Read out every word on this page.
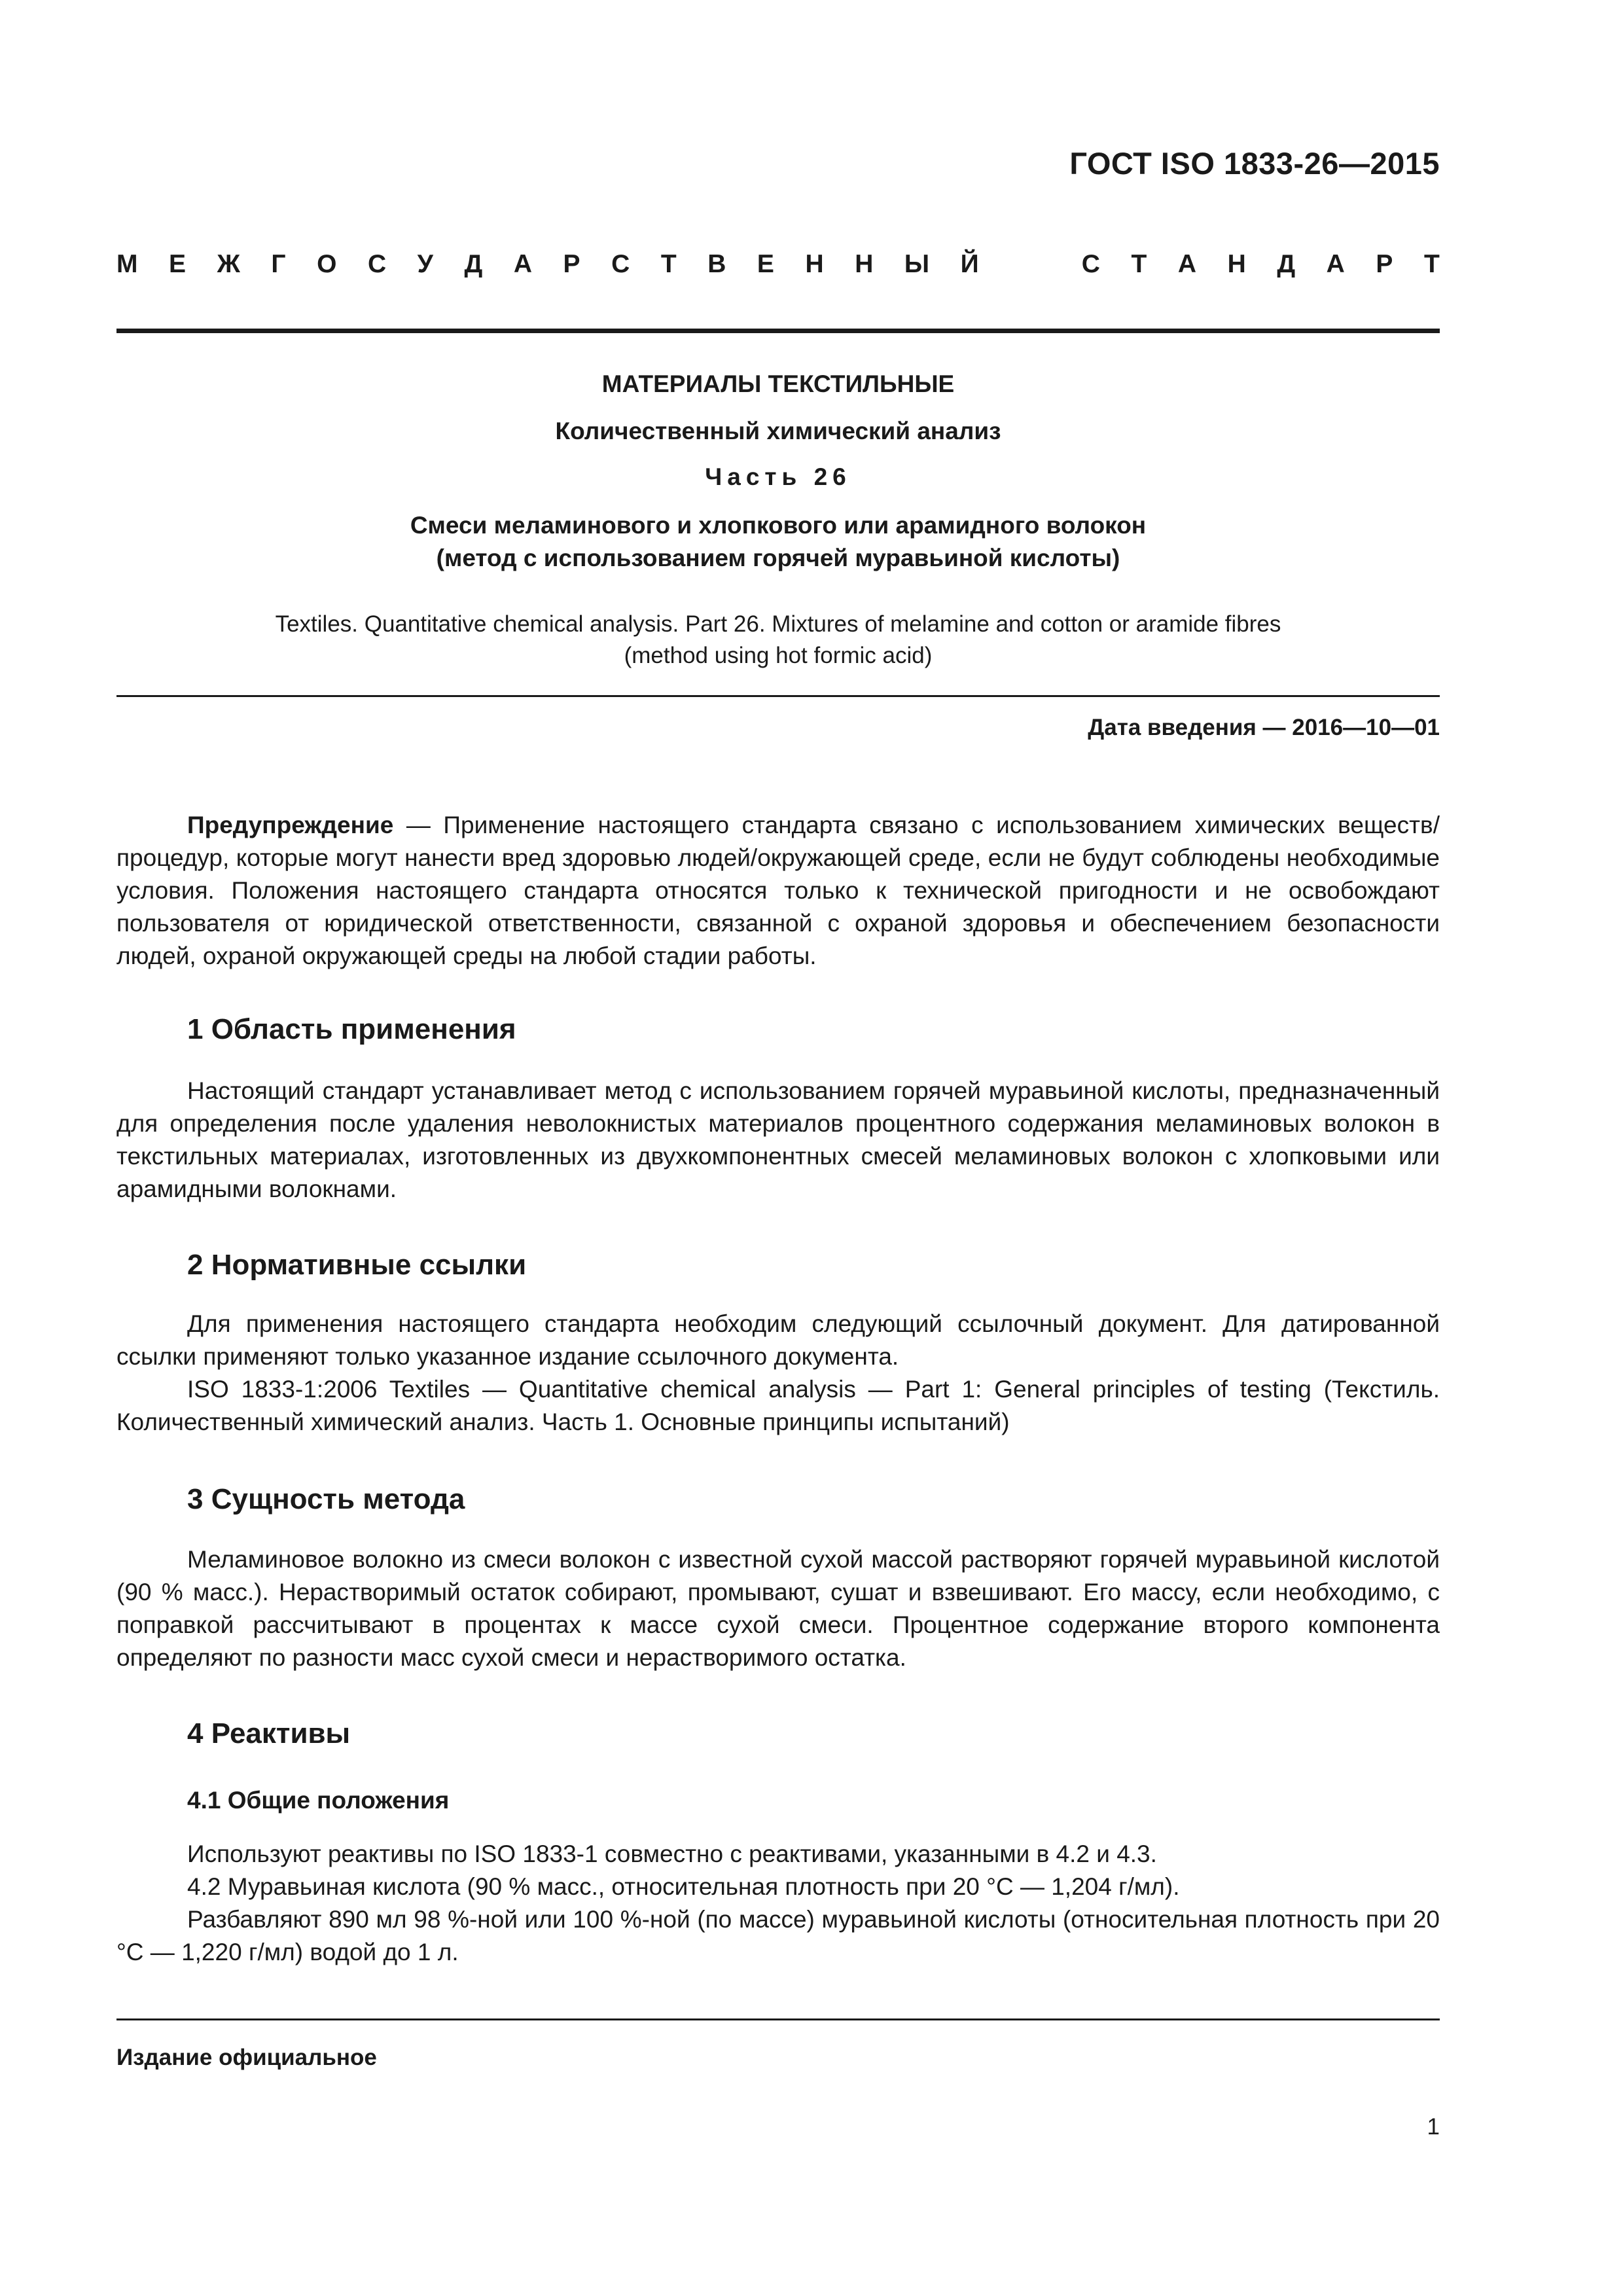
ГОСТ ISO 1833-26—2015
М Е Ж Г О С У Д А Р С Т В Е Н Н Ы Й	С Т А Н Д А Р Т
МАТЕРИАЛЫ ТЕКСТИЛЬНЫЕ
Количественный химический анализ
Часть 26
Смеси меламинового и хлопкового или арамидного волокон
(метод с использованием горячей муравьиной кислоты)
Textiles. Quantitative chemical analysis. Part 26. Mixtures of melamine and cotton or aramide fibres
(method using hot formic acid)
Дата введения — 2016—10—01

Предупреждение — Применение настоящего стандарта связано с использованием химических веществ/процедур, которые могут нанести вред здоровью людей/окружающей среде, если не будут соблюдены необходимые условия. Положения настоящего стандарта относятся только к технической пригодности и не освобождают пользователя от юридической ответственности, связанной с охраной здоровья и обеспечением безопасности людей, охраной окружающей среды на любой стадии работы.

1 Область применения

Настоящий стандарт устанавливает метод с использованием горячей муравьиной кислоты, предназначенный для определения после удаления неволокнистых материалов процентного содержания меламиновых волокон в текстильных материалах, изготовленных из двухкомпонентных смесей меламиновых волокон с хлопковыми или арамидными волокнами.

2 Нормативные ссылки

Для применения настоящего стандарта необходим следующий ссылочный документ. Для датированной ссылки применяют только указанное издание ссылочного документа.

ISO 1833-1:2006 Textiles — Quantitative chemical analysis — Part 1: General principles of testing (Текстиль. Количественный химический анализ. Часть 1. Основные принципы испытаний)

3 Сущность метода

Меламиновое волокно из смеси волокон с известной сухой массой растворяют горячей муравьиной кислотой (90 % масс.). Нерастворимый остаток собирают, промывают, сушат и взвешивают. Его массу, если необходимо, с поправкой рассчитывают в процентах к массе сухой смеси. Процентное содержание второго компонента определяют по разности масс сухой смеси и нерастворимого остатка.

4 Реактивы
4.1 Общие положения

Используют реактивы по ISO 1833-1 совместно с реактивами, указанными в 4.2 и 4.3.

4.2 Муравьиная кислота (90 % масс., относительная плотность при 20 °С — 1,204 г/мл).

Разбавляют 890 мл 98 %-ной или 100 %-ной (по массе) муравьиной кислоты (относительная плотность при 20 °С — 1,220 г/мл) водой до 1 л.

Издание официальное
1
